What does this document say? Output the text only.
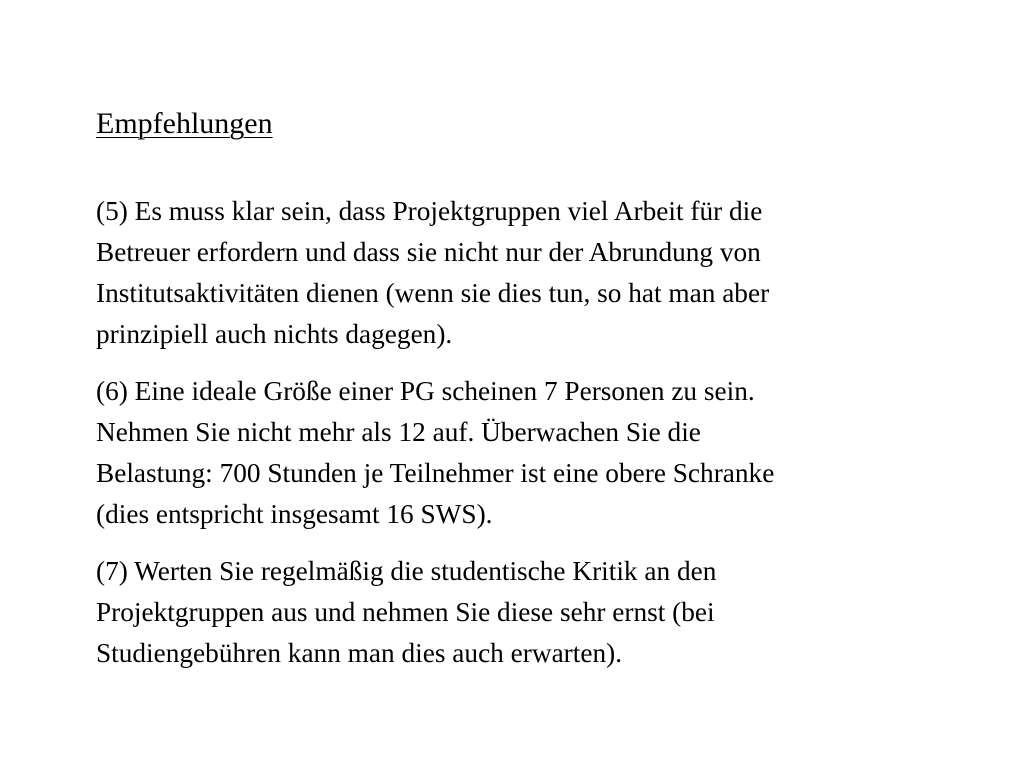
Empfehlungen

(5) Es muss klar sein, dass Projektgruppen viel Arbeit für die
Betreuer erfordern und dass sie nicht nur der Abrundung von
Institutsaktivitäten dienen (wenn sie dies tun, so hat man aber
prinzipiell auch nichts dagegen).

(6) Eine ideale Größe einer PG scheinen 7 Personen zu sein.
Nehmen Sie nicht mehr als 12 auf. Überwachen Sie die
Belastung: 700 Stunden je Teilnehmer ist eine obere Schranke
(dies entspricht insgesamt 16 SWS).

(7) Werten Sie regelmäßig die studentische Kritik an den
Projektgruppen aus und nehmen Sie diese sehr ernst (bei
Studiengebühren kann man dies auch erwarten).
